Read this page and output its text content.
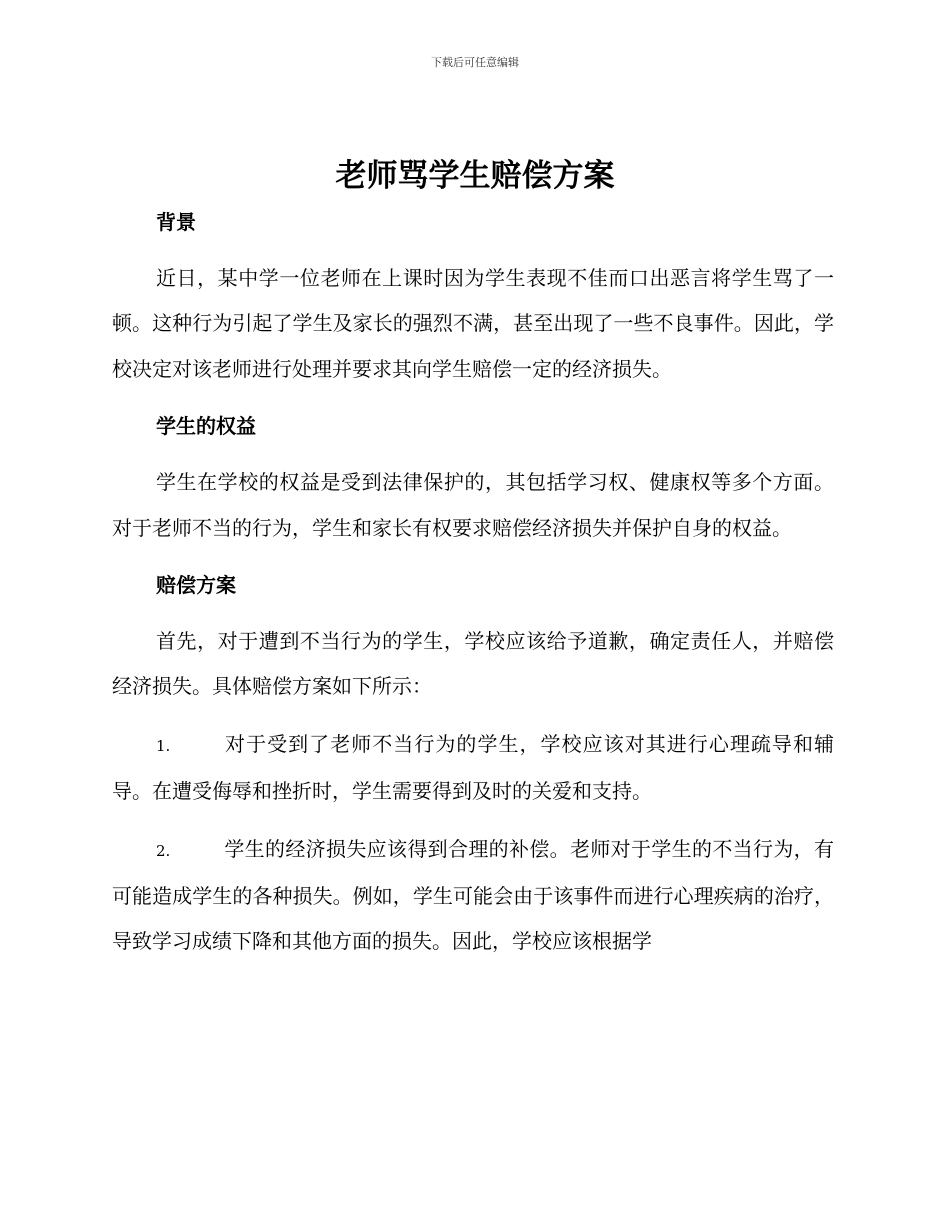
下载后可任意编辑
老师骂学生赔偿方案
背景

近日，某中学一位老师在上课时因为学生表现不佳而口出恶言将学生骂了一顿。这种行为引起了学生及家长的强烈不满，甚至出现了一些不良事件。因此，学校决定对该老师进行处理并要求其向学生赔偿一定的经济损失。

学生的权益

学生在学校的权益是受到法律保护的，其包括学习权、健康权等多个方面。对于老师不当的行为，学生和家长有权要求赔偿经济损失并保护自身的权益。

赔偿方案

首先，对于遭到不当行为的学生，学校应该给予道歉，确定责任人，并赔偿经济损失。具体赔偿方案如下所示：

1.	对于受到了老师不当行为的学生，学校应该对其进行心理疏导和辅导。在遭受侮辱和挫折时，学生需要得到及时的关爱和支持。

2.	学生的经济损失应该得到合理的补偿。老师对于学生的不当行为，有可能造成学生的各种损失。例如，学生可能会由于该事件而进行心理疾病的治疗，导致学习成绩下降和其他方面的损失。因此，学校应该根据学
